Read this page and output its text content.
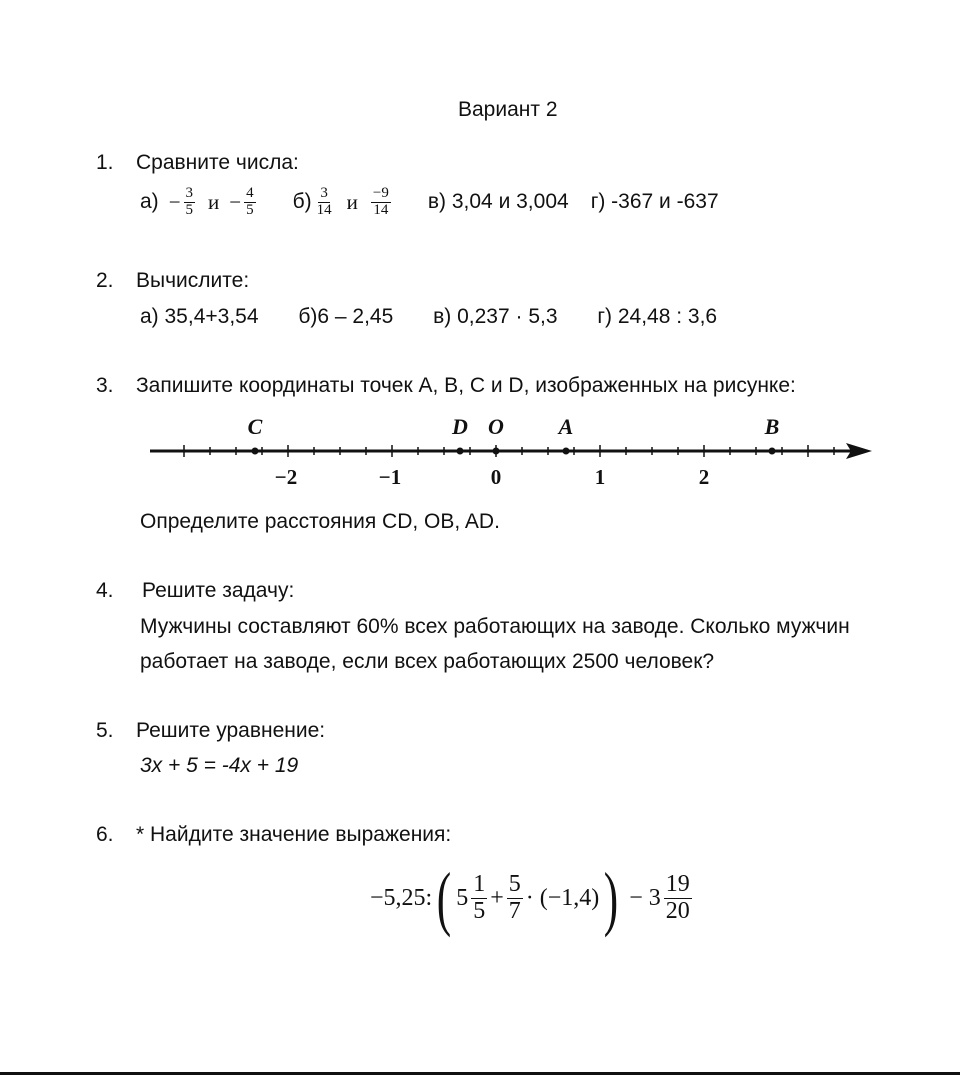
Вариант 2
1. Сравните числа:
$а) - \frac{3}{5}$ $и - \frac{4}{5} б) \frac{3}{14}$ и $\frac{-9}{14} в$) 3,04 и 3,004 г) -367 и -637
2. Вычислите:
а) 35,4+3,54 б)6 – 2,45 в) 0,237 · 5,3 г) 24,48 : 3,6
3. Запишите координаты точек A, B, C и D, изображенных на рисунке:
C	D O A	B
−2	−1	0	1	2
Определите расстояния CD, OB, AD.
4. Решите задачу:
Мужчины составляют 60% всех работающих на заводе. Сколько мужчин
работает на заводе, если всех работающих 2500 человек?
5. Решите уравнение:
3x + 5 = -4x + 19
6. * Найдите значение выражения:
−5,25: ( $5 \frac{1}{5} + \frac{5}{7} \cdot (-1,4)$ ) − $3 \frac{19}{20}$
